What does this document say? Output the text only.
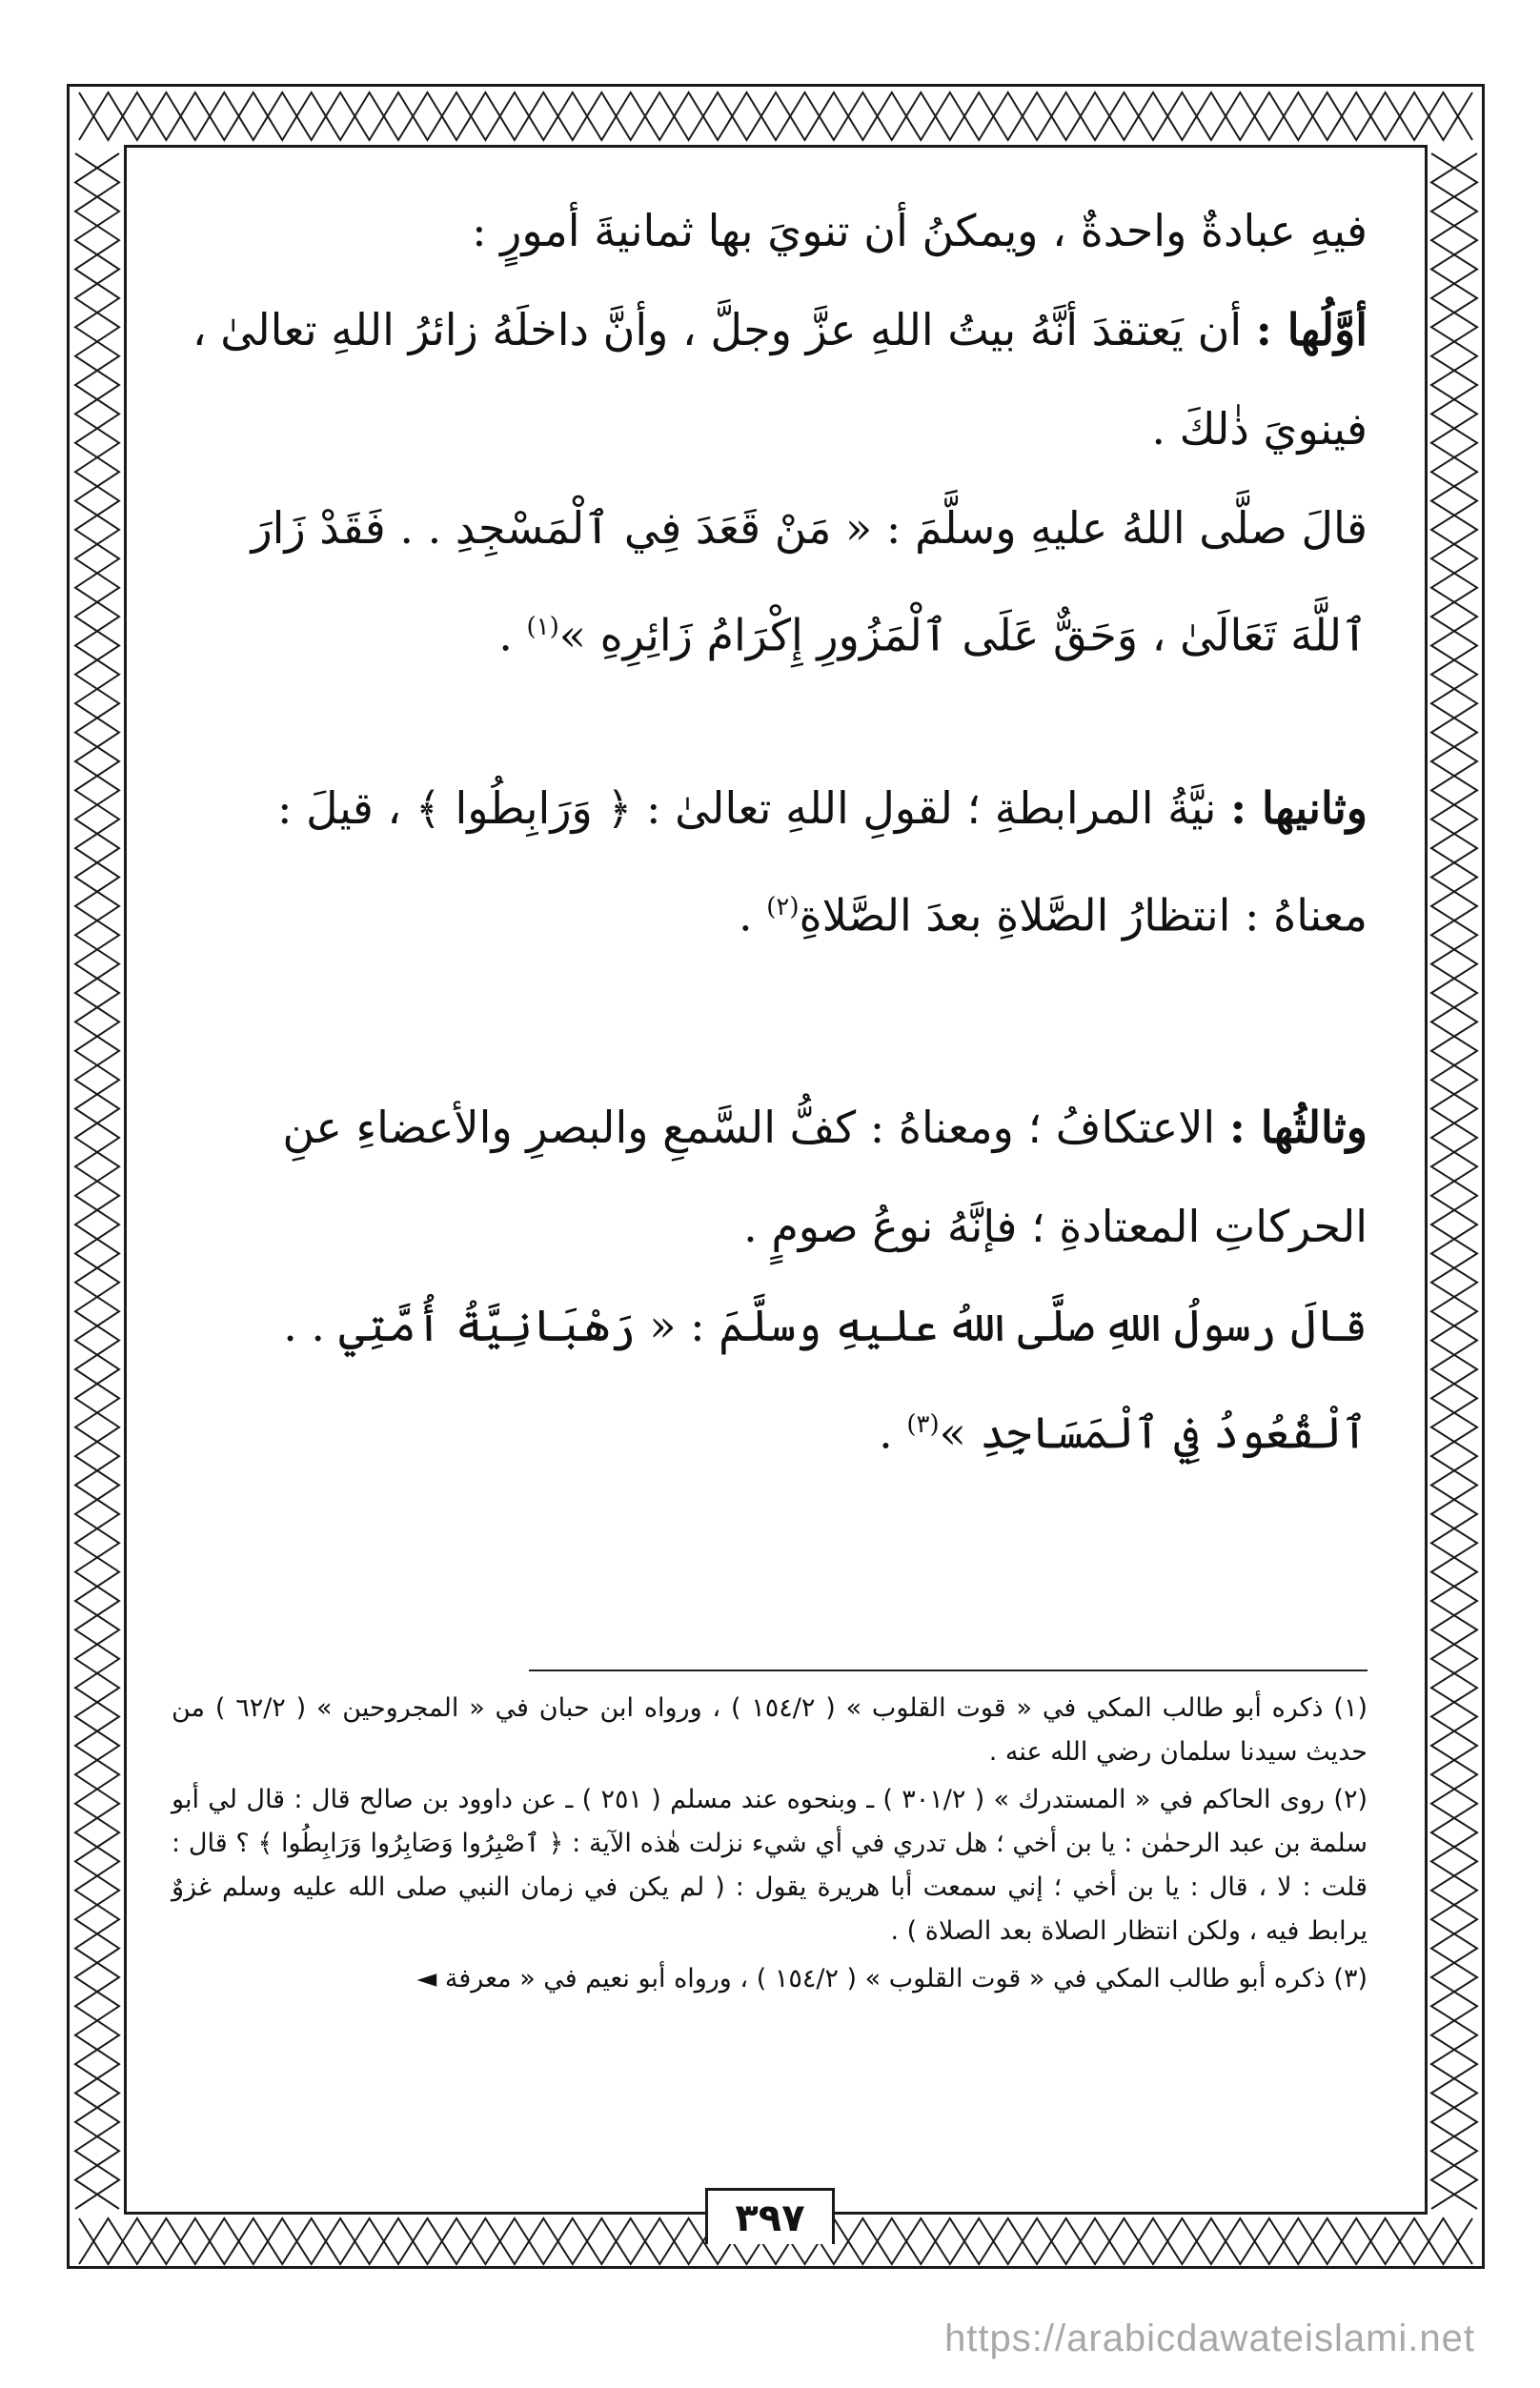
فيهِ عبادةٌ واحدةٌ ، ويمكنُ أن تنويَ بها ثمانيةَ أمورٍ :

أوَّلُها : أن يَعتقدَ أنَّهُ بيتُ اللهِ عزَّ وجلَّ ، وأنَّ داخلَهُ زائرُ اللهِ تعالىٰ ، فينويَ ذٰلكَ .

قالَ صلَّى اللهُ عليهِ وسلَّمَ : « مَنْ قَعَدَ فِي ٱلْمَسْجِدِ . . فَقَدْ زَارَ ٱللَّهَ تَعَالَىٰ ، وَحَقٌّ عَلَى ٱلْمَزُورِ إِكْرَامُ زَائِرِهِ »$^{(١)}$ .

وثانيها : نيَّةُ المرابطةِ ؛ لقولِ اللهِ تعالىٰ : ﴿ وَرَابِطُوا ﴾ ، قيلَ : معناهُ : انتظارُ الصَّلاةِ بعدَ الصَّلاةِ$^{(٢)}$ .

وثالثُها : الاعتكافُ ؛ ومعناهُ : كفُّ السَّمعِ والبصرِ والأعضاءِ عنِ الحركاتِ المعتادةِ ؛ فإنَّهُ نوعُ صومٍ .

قالَ رسولُ اللهِ صلَّى اللهُ عليهِ وسلَّمَ : « رَهْبَانِيَّةُ أُمَّتِي . . ٱلْقُعُودُ فِي ٱلْمَسَاجِدِ »$^{(٣)}$ .

(١) ذكره أبو طالب المكي في « قوت القلوب » ( ١٥٤/٢ ) ، ورواه ابن حبان في « المجروحين » ( ٦٢/٢ ) من حديث سيدنا سلمان رضي الله عنه .

(٢) روى الحاكم في « المستدرك » ( ٣٠١/٢ ) ـ وبنحوه عند مسلم ( ٢٥١ ) ـ عن داوود بن صالح قال : قال لي أبو سلمة بن عبد الرحمٰن : يا بن أخي ؛ هل تدري في أي شيء نزلت هٰذه الآية : ﴿ ٱصْبِرُوا وَصَابِرُوا وَرَابِطُوا ﴾ ؟ قال : قلت : لا ، قال : يا بن أخي ؛ إني سمعت أبا هريرة يقول : ( لم يكن في زمان النبي صلى الله عليه وسلم غزوٌ يرابط فيه ، ولكن انتظار الصلاة بعد الصلاة ) .

(٣) ذكره أبو طالب المكي في « قوت القلوب » ( ١٥٤/٢ ) ، ورواه أبو نعيم في « معرفة ◄

٣٩٧
https://arabicdawateislami.net
